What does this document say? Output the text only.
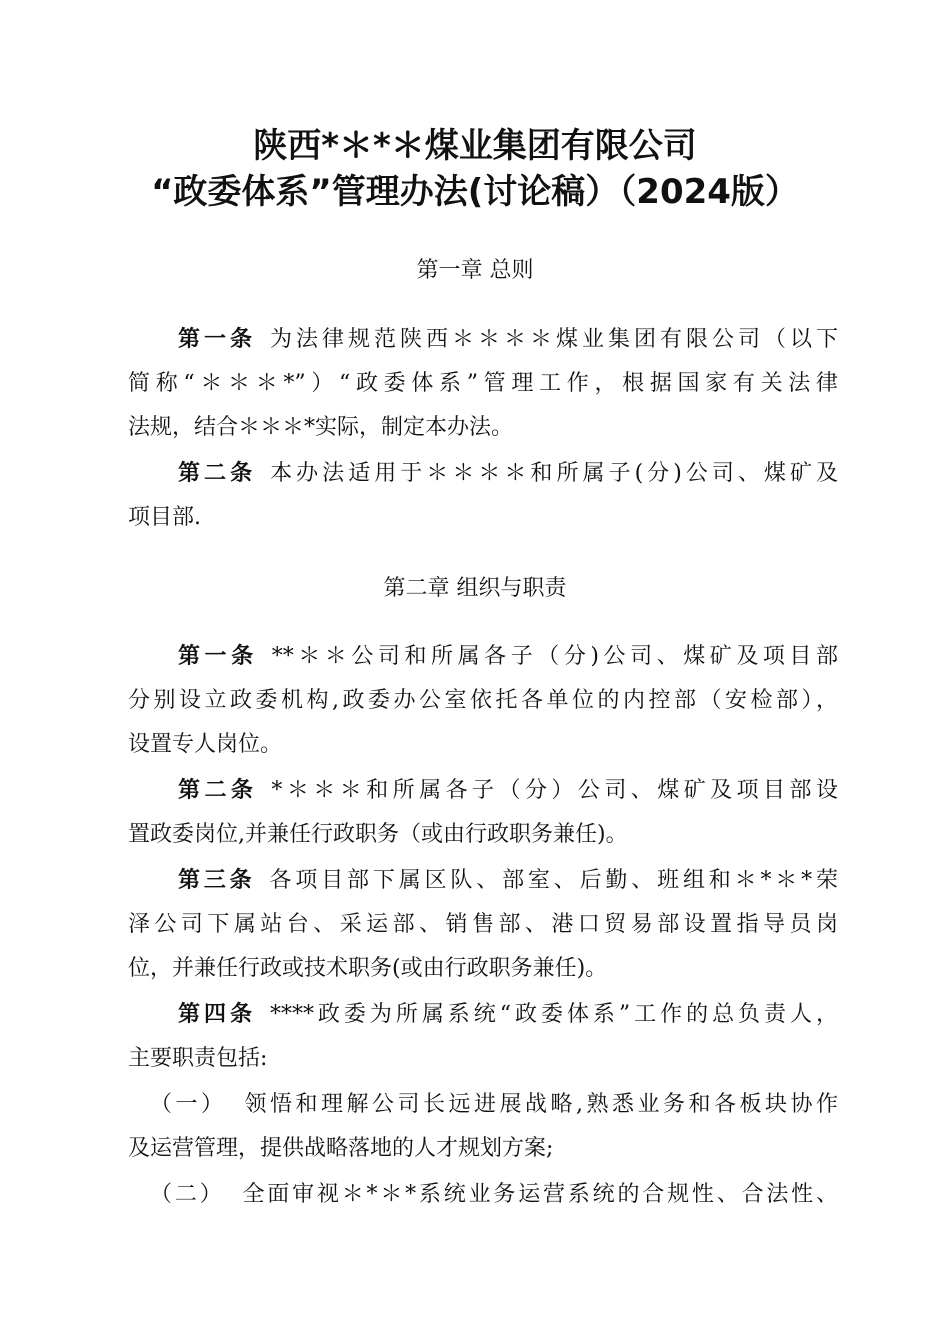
陕西*＊*＊煤业集团有限公司
“政委体系”管理办法(讨论稿）（2024版）
第一章 总则
第一条 为法律规范陕西＊＊＊＊煤业集团有限公司（以下
简称“＊＊＊*”）“政委体系”管理工作，根据国家有关法律
法规，结合＊＊＊*实际，制定本办法。
第二条 本办法适用于＊＊＊＊和所属子(分)公司、煤矿及
项目部.
第二章 组织与职责
第一条 **＊＊公司和所属各子（分)公司、煤矿及项目部
分别设立政委机构,政委办公室依托各单位的内控部（安检部），
设置专人岗位。
第二条 *＊＊＊和所属各子（分）公司、煤矿及项目部设
置政委岗位,并兼任行政职务（或由行政职务兼任)。
第三条 各项目部下属区队、部室、后勤、班组和＊*＊*荣
泽公司下属站台、采运部、销售部、港口贸易部设置指导员岗
位，并兼任行政或技术职务(或由行政职务兼任)。
第四条 ****政委为所属系统“政委体系”工作的总负责人，
主要职责包括:
（一） 领悟和理解公司长远进展战略,熟悉业务和各板块协作
及运营管理，提供战略落地的人才规划方案;
（二） 全面审视＊*＊*系统业务运营系统的合规性、合法性、
